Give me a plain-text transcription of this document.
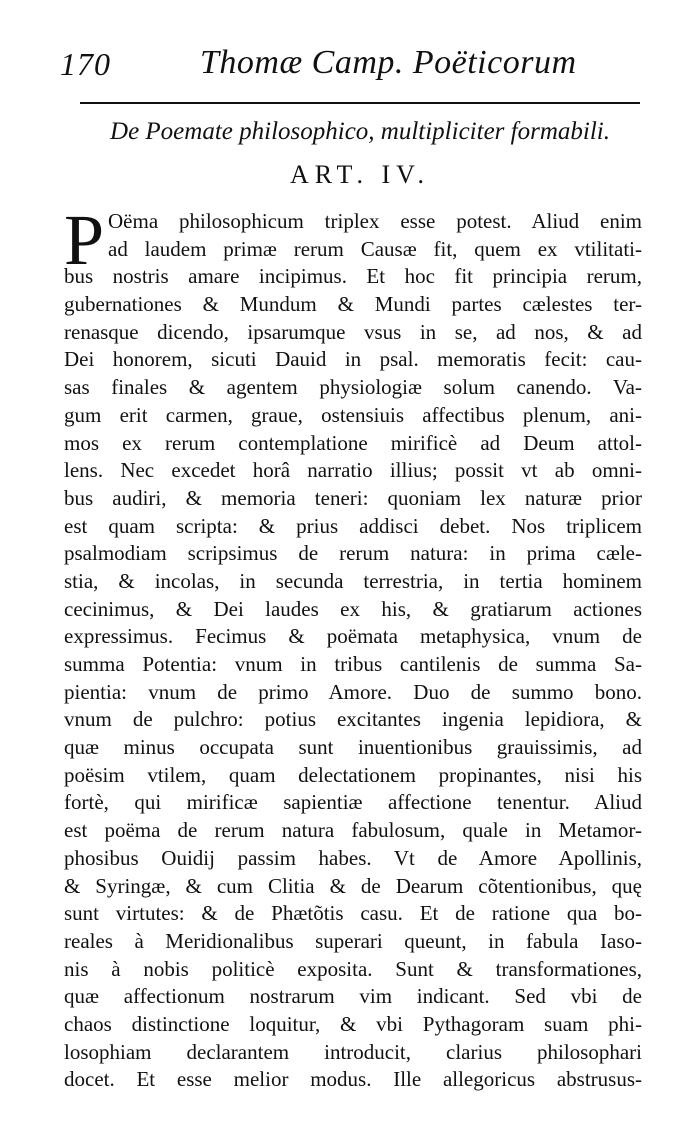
170	Thomæ Camp. Poëticorum
De Poemate philosophico, multipliciter formabili.
ART. IV.
P Oëma philosophicum triplex esse potest. Aliud enim
ad laudem primæ rerum Causæ fit, quem ex vtilitati-
bus nostris amare incipimus. Et hoc fit principia rerum,
gubernationes & Mundum & Mundi partes cælestes ter-
renasque dicendo, ipsarumque vsus in se, ad nos, & ad
Dei honorem, sicuti Dauid in psal. memoratis fecit: cau-
sas finales & agentem physiologiæ solum canendo. Va-
gum erit carmen, graue, ostensiuis affectibus plenum, ani-
mos ex rerum contemplatione mirificè ad Deum attol-
lens. Nec excedet horâ narratio illius; possit vt ab omni-
bus audiri, & memoria teneri: quoniam lex naturæ prior
est quam scripta: & prius addisci debet. Nos triplicem
psalmodiam scripsimus de rerum natura: in prima cæle-
stia, & incolas, in secunda terrestria, in tertia hominem
cecinimus, & Dei laudes ex his, & gratiarum actiones
expressimus. Fecimus & poëmata metaphysica, vnum de
summa Potentia: vnum in tribus cantilenis de summa Sa-
pientia: vnum de primo Amore. Duo de summo bono.
vnum de pulchro: potius excitantes ingenia lepidiora, &
quæ minus occupata sunt inuentionibus grauissimis, ad
poësim vtilem, quam delectationem propinantes, nisi his
fortè, qui mirificæ sapientiæ affectione tenentur. Aliud
est poëma de rerum natura fabulosum, quale in Metamor-
phosibus Ouidij passim habes. Vt de Amore Apollinis,
& Syringæ, & cum Clitia & de Dearum cõtentionibus, quę
sunt virtutes: & de Phætõtis casu. Et de ratione qua bo-
reales à Meridionalibus superari queunt, in fabula Iaso-
nis à nobis politicè exposita. Sunt & transformationes,
quæ affectionum nostrarum vim indicant. Sed vbi de
chaos distinctione loquitur, & vbi Pythagoram suam phi-
losophiam declarantem introducit, clarius philosophari
docet. Et esse melior modus. Ille allegoricus abstrusus-
